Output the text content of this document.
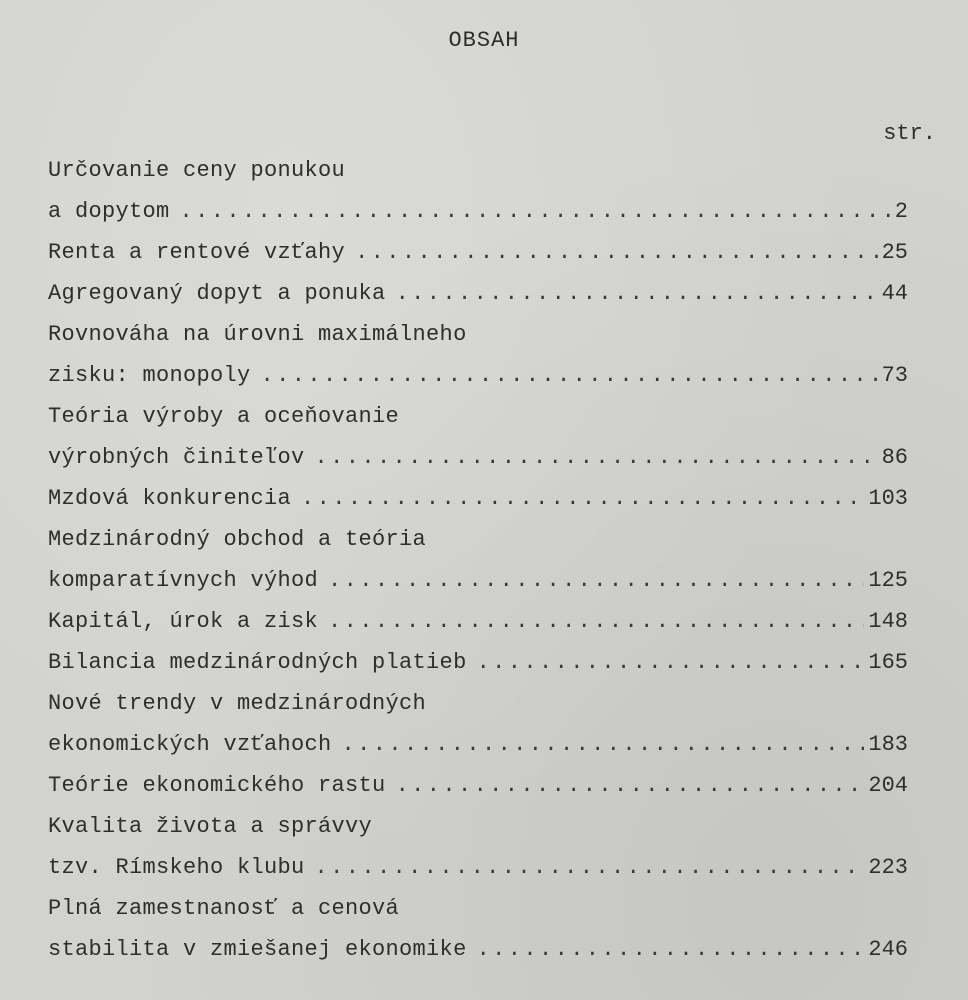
OBSAH
str.
Určovanie ceny ponukou
a dopytom .....	2
Renta a rentové vzťahy .....	25
Agregovaný dopyt a ponuka .....	44
Rovnováha na úrovni maximálneho
zisku: monopoly .....	73
Teória výroby a oceňovanie
výrobných činiteľov .....	86
Mzdová konkurencia .....	103
Medzinárodný obchod a teória
komparatívnych výhod .....	125
Kapitál, úrok a zisk .....	148
Bilancia medzinárodných platieb .....	165
Nové trendy v medzinárodných
ekonomických vzťahoch .....	183
Teórie ekonomického rastu .....	204
Kvalita života a správvy
tzv. Rímskeho klubu .....	223
Plná zamestnanosť a cenová
stabilita v zmiešanej ekonomike .....	246
